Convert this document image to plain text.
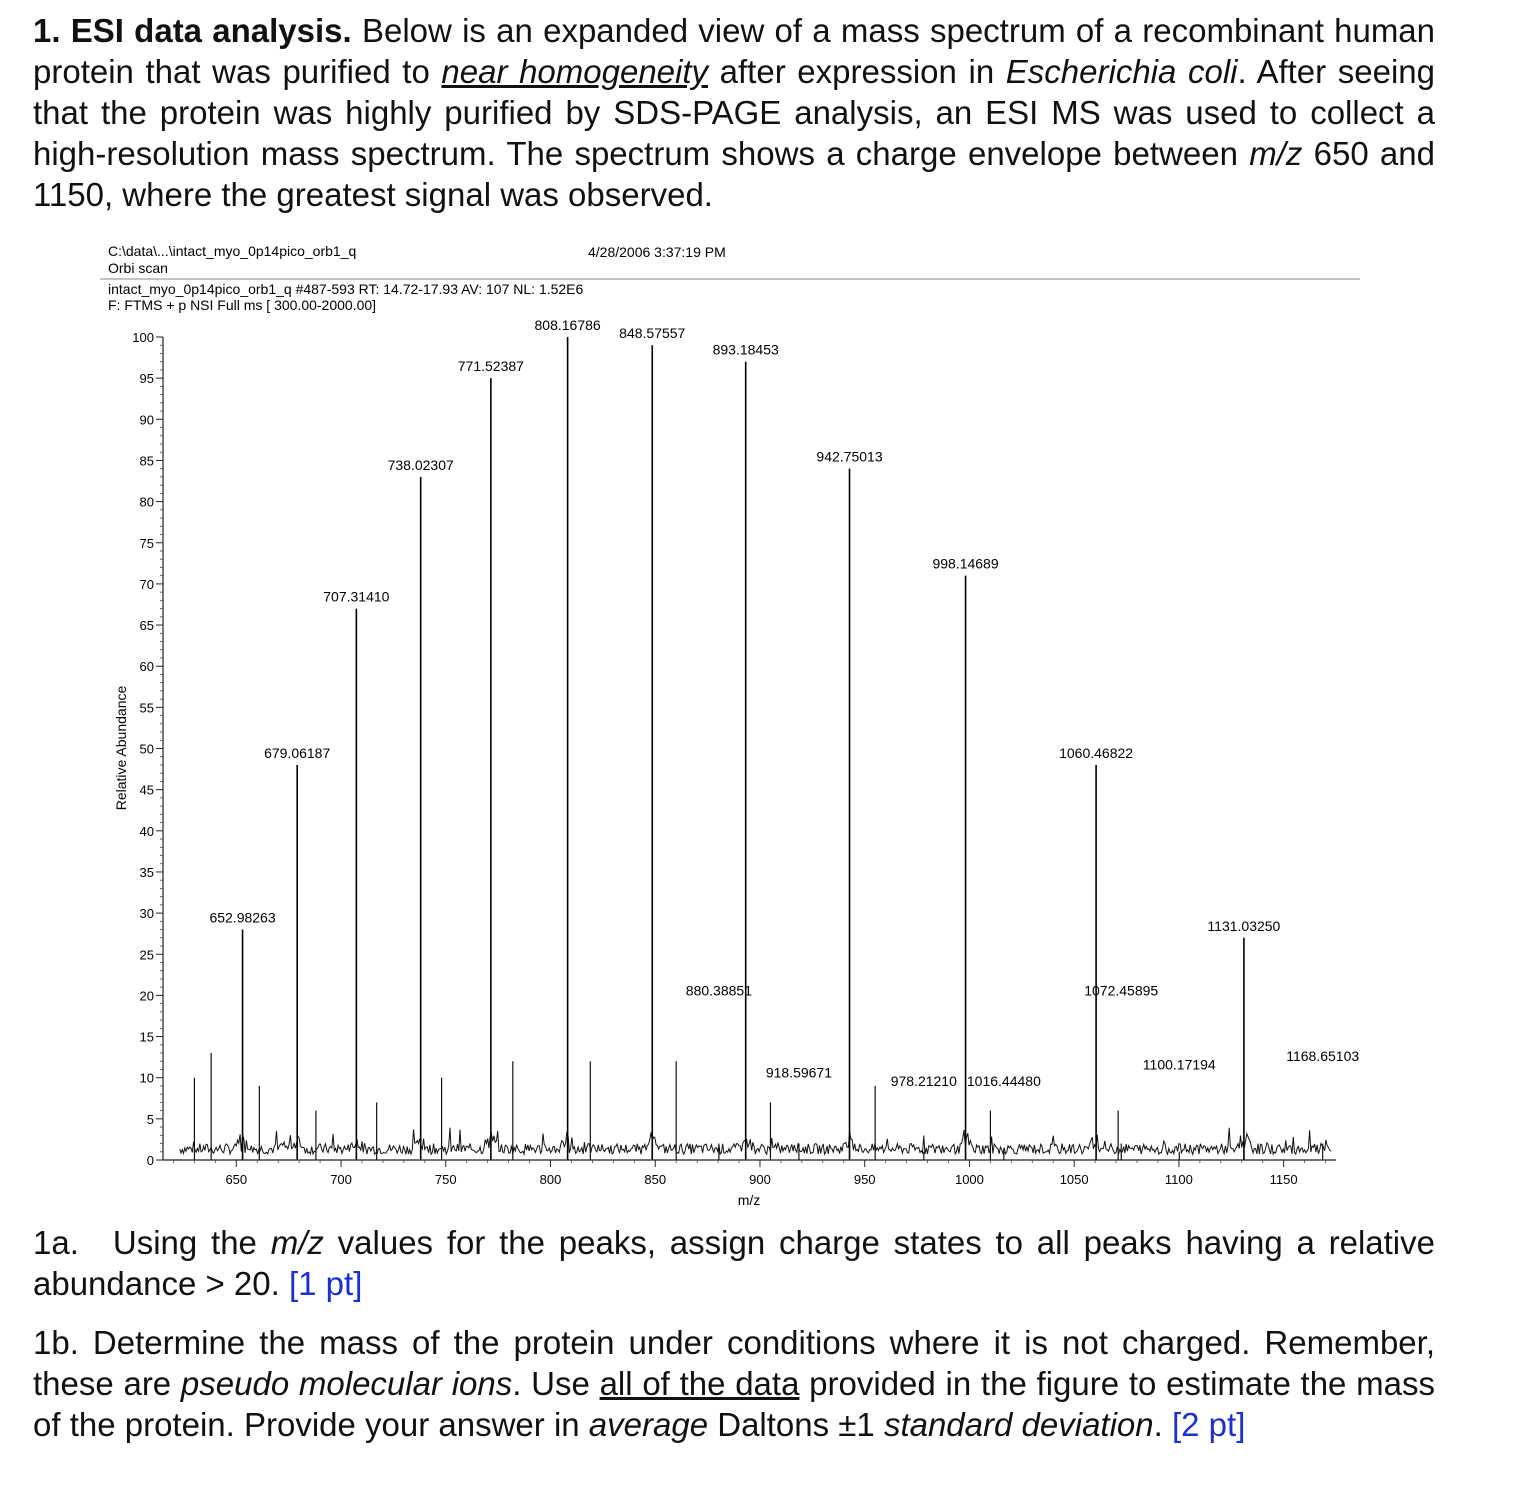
1. ESI data analysis. Below is an expanded view of a mass spectrum of a recombinant human protein that was purified to near homogeneity after expression in Escherichia coli. After seeing that the protein was highly purified by SDS-PAGE analysis, an ESI MS was used to collect a high-resolution mass spectrum. The spectrum shows a charge envelope between m/z 650 and 1150, where the greatest signal was observed.
C:\data\...\intact_myo_0p14pico_orb1_q
Orbi scan
4/28/2006 3:37:19 PM
intact_myo_0p14pico_orb1_q #487-593 RT: 14.72-17.93 AV: 107 NL: 1.52E6
F: FTMS + p NSI Full ms [ 300.00-2000.00]
0
5
10
15
20
25
30
35
40
45
50
55
60
65
70
75
80
85
90
95
100
650	700	750	800	850	900	950	1000	1050	1100	1150
652.98263
679.06187
707.31410
738.02307
771.52387
808.16786
848.57557
893.18453
942.75013
998.14689
1060.46822
1131.03250
880.38851
918.59671
978.21210 1016.44480
1072.45895
1100.17194
1168.65103
Relative Abundance
m/z
1a. Using the m/z values for the peaks, assign charge states to all peaks having a relative abundance > 20. [1 pt]
1b. Determine the mass of the protein under conditions where it is not charged. Remember, these are pseudo molecular ions. Use all of the data provided in the figure to estimate the mass of the protein. Provide your answer in average Daltons ±1 standard deviation. [2 pt]
